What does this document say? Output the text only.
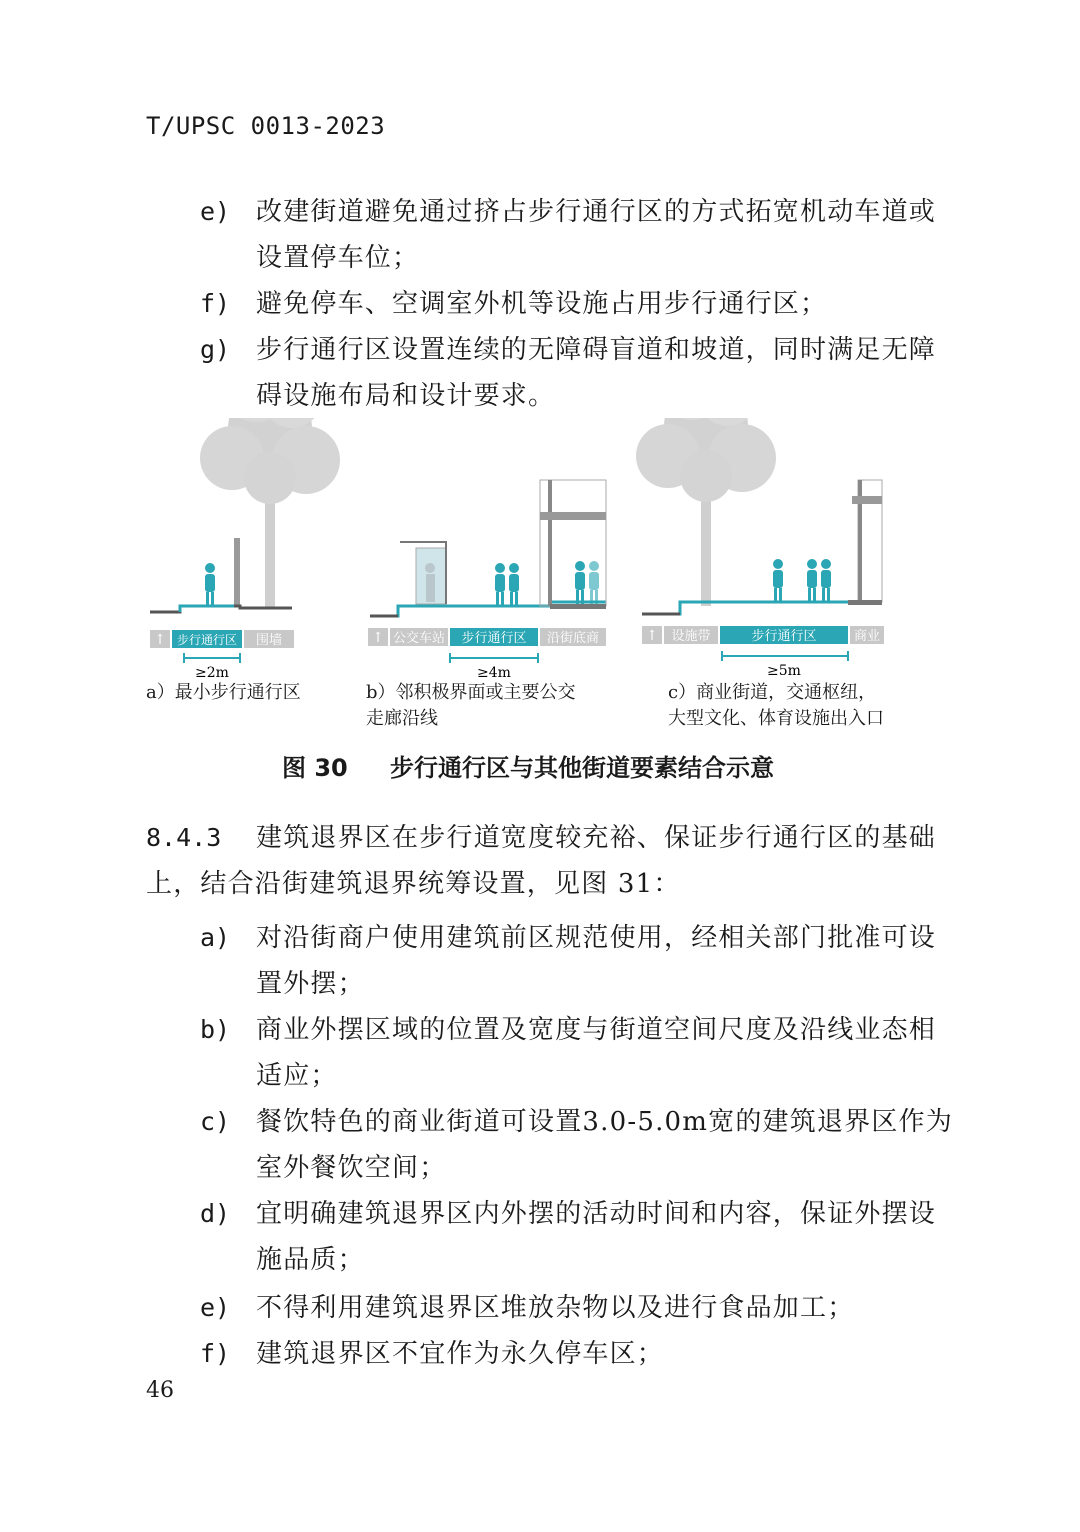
T/UPSC 0013-2023
e) 改建街道避免通过挤占步行通行区的方式拓宽机动车道或
设置停车位；
f) 避免停车、空调室外机等设施占用步行通行区；
g) 步行通行区设置连续的无障碍盲道和坡道，同时满足无障
碍设施布局和设计要求。
↑ 步行通行区 围墙
≥2m
↑ 公交车站 步行通行区 沿街底商
≥4m
↑ 设施带	步行通行区	商业
≥5m
a）最小步行通行区	b）邻积极界面或主要公交
走廊沿线
c）商业街道，交通枢纽，
大型文化、体育设施出入口
图 30 步行通行区与其他街道要素结合示意
8.4.3 建筑退界区在步行道宽度较充裕、保证步行通行区的基础
上，结合沿街建筑退界统筹设置，见图 31：
a) 对沿街商户使用建筑前区规范使用，经相关部门批准可设
置外摆；
b) 商业外摆区域的位置及宽度与街道空间尺度及沿线业态相
适应；
c) 餐饮特色的商业街道可设置3.0-5.0m宽的建筑退界区作为
室外餐饮空间；
d) 宜明确建筑退界区内外摆的活动时间和内容，保证外摆设
施品质；
e) 不得利用建筑退界区堆放杂物以及进行食品加工；
f) 建筑退界区不宜作为永久停车区；
46
